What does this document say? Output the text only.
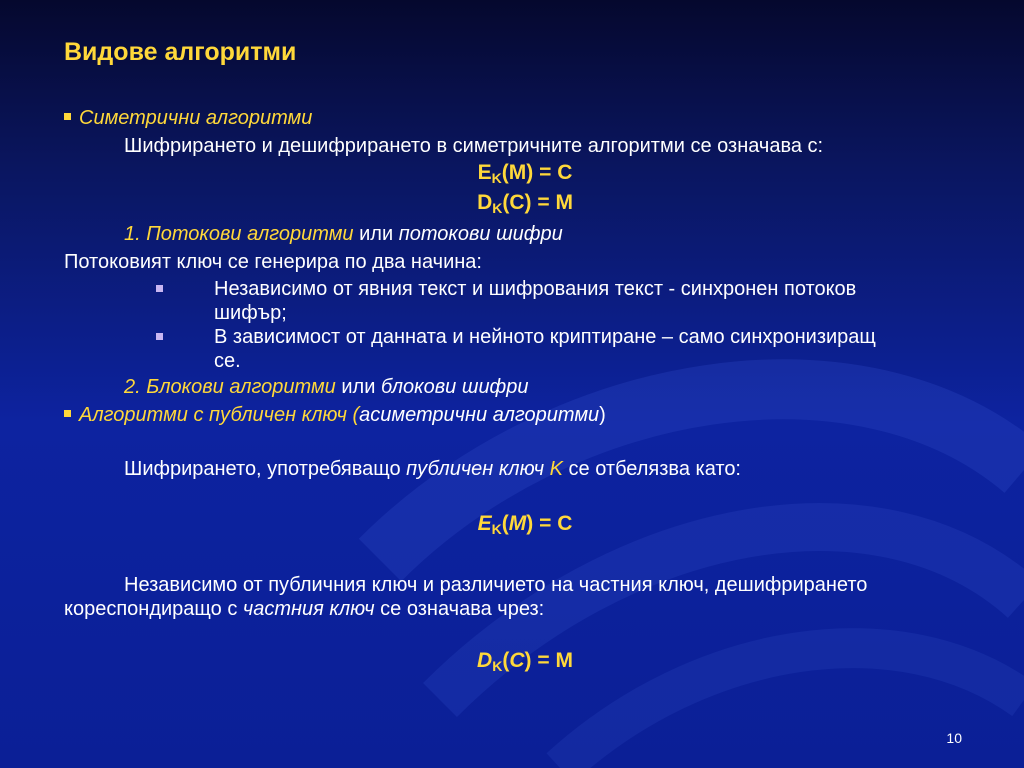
Видове алгоритми
Симетрични алгоритми
Шифрирането и дешифрирането в симетричните алгоритми се означава с:
$E_K(M) = C$
$D_K(C) = M$
1. Потокови алгоритми или потокови шифри
Потоковият ключ се генерира по два начина:
Независимо от явния текст и шифрования текст - синхронен потоков
шифър;
В зависимост от данната и нейното криптиране – само синхронизиращ
се.
2. Блокови алгоритми или блокови шифри
Алгоритми с публичен ключ (асиметрични алгоритми)
Шифрирането, употребяващо публичен ключ K се отбелязва като:
$E_K(M) = C$
Независимо от публичния ключ и различието на частния ключ, дешифрирането
кореспондиращо с частния ключ се означава чрез:
$D_K(C) = M$
10
